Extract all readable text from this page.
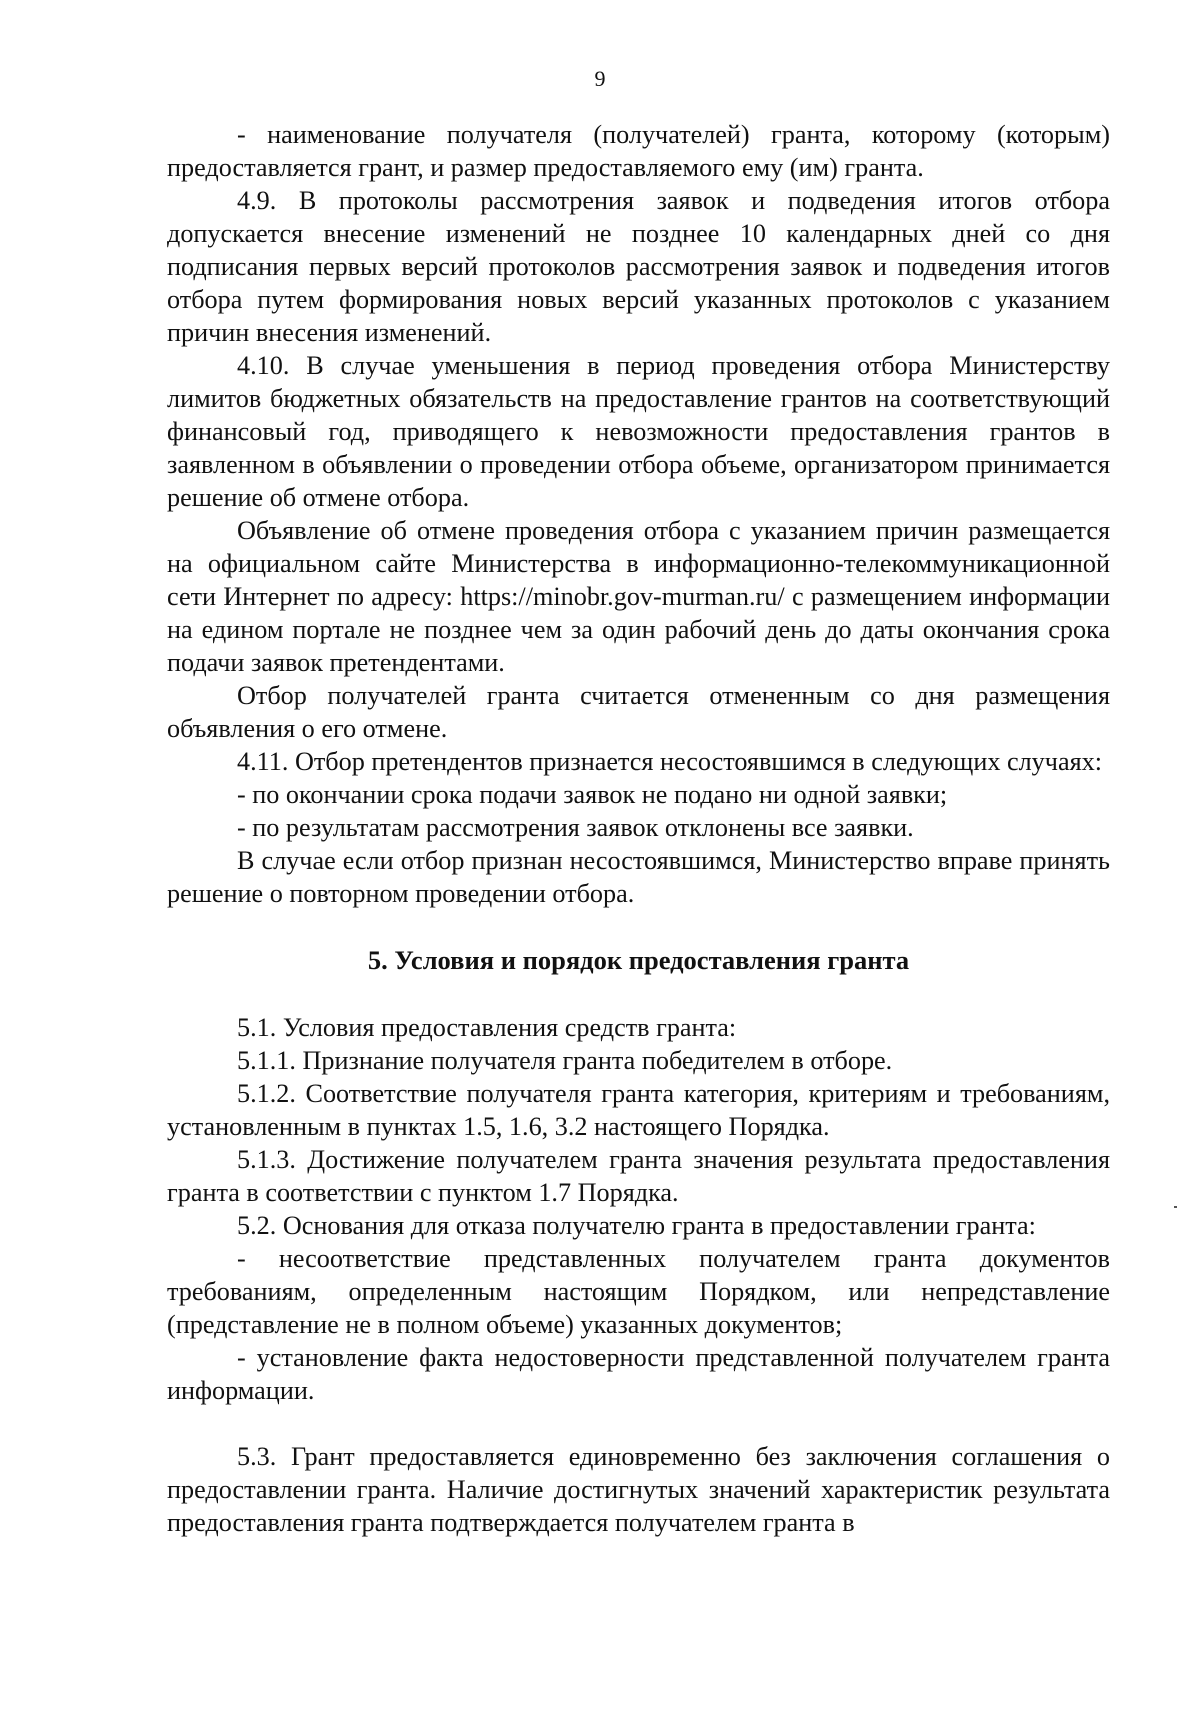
9

- наименование получателя (получателей) гранта, которому (которым) предоставляется грант, и размер предоставляемого ему (им) гранта.

4.9. В протоколы рассмотрения заявок и подведения итогов отбора допускается внесение изменений не позднее 10 календарных дней со дня подписания первых версий протоколов рассмотрения заявок и подведения итогов отбора путем формирования новых версий указанных протоколов с указанием причин внесения изменений.

4.10. В случае уменьшения в период проведения отбора Министерству лимитов бюджетных обязательств на предоставление грантов на соответствующий финансовый год, приводящего к невозможности предоставления грантов в заявленном в объявлении о проведении отбора объеме, организатором принимается решение об отмене отбора.

Объявление об отмене проведения отбора с указанием причин размещается на официальном сайте Министерства в информационно-телекоммуникационной сети Интернет по адресу: https://minobr.gov-murman.ru/ с размещением информации на едином портале не позднее чем за один рабочий день до даты окончания срока подачи заявок претендентами.

Отбор получателей гранта считается отмененным со дня размещения объявления о его отмене.

4.11. Отбор претендентов признается несостоявшимся в следующих случаях:

- по окончании срока подачи заявок не подано ни одной заявки;

- по результатам рассмотрения заявок отклонены все заявки.

В случае если отбор признан несостоявшимся, Министерство вправе принять решение о повторном проведении отбора.

5. Условия и порядок предоставления гранта

5.1. Условия предоставления средств гранта:

5.1.1. Признание получателя гранта победителем в отборе.

5.1.2. Соответствие получателя гранта категория, критериям и требованиям, установленным в пунктах 1.5, 1.6, 3.2 настоящего Порядка.

5.1.3. Достижение получателем гранта значения результата предоставления гранта в соответствии с пунктом 1.7 Порядка.

5.2. Основания для отказа получателю гранта в предоставлении гранта:

- несоответствие представленных получателем гранта документов требованиям, определенным настоящим Порядком, или непредставление (представление не в полном объеме) указанных документов;

- установление факта недостоверности представленной получателем гранта информации.

5.3. Грант предоставляется единовременно без заключения соглашения о предоставлении гранта. Наличие достигнутых значений характеристик результата предоставления гранта подтверждается получателем гранта в
